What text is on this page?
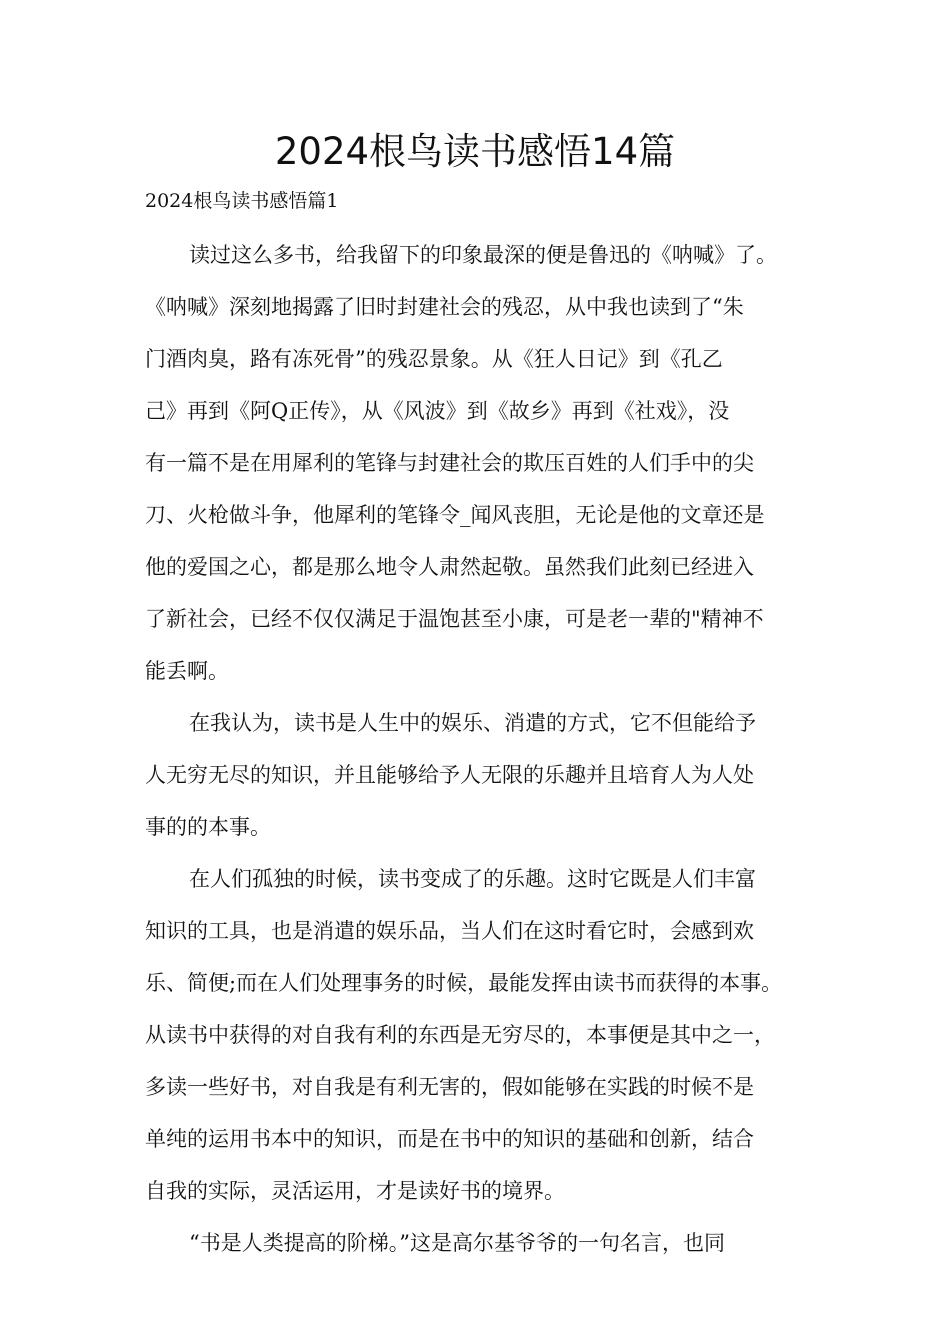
2024根鸟读书感悟14篇
2024根鸟读书感悟篇1
读过这么多书，给我留下的印象最深的便是鲁迅的《呐喊》了。
《呐喊》深刻地揭露了旧时封建社会的残忍，从中我也读到了“朱
门酒肉臭，路有冻死骨”的残忍景象。从《狂人日记》到《孔乙
己》再到《阿Q正传》，从《风波》到《故乡》再到《社戏》，没
有一篇不是在用犀利的笔锋与封建社会的欺压百姓的人们手中的尖
刀、火枪做斗争，他犀利的笔锋令_闻风丧胆，无论是他的文章还是
他的爱国之心，都是那么地令人肃然起敬。虽然我们此刻已经进入
了新社会，已经不仅仅满足于温饱甚至小康，可是老一辈的"精神不
能丢啊。
在我认为，读书是人生中的娱乐、消遣的方式，它不但能给予
人无穷无尽的知识，并且能够给予人无限的乐趣并且培育人为人处
事的的本事。
在人们孤独的时候，读书变成了的乐趣。这时它既是人们丰富
知识的工具，也是消遣的娱乐品，当人们在这时看它时，会感到欢
乐、简便;而在人们处理事务的时候，最能发挥由读书而获得的本事。
从读书中获得的对自我有利的东西是无穷尽的，本事便是其中之一，
多读一些好书，对自我是有利无害的，假如能够在实践的时候不是
单纯的运用书本中的知识，而是在书中的知识的基础和创新，结合
自我的实际，灵活运用，才是读好书的境界。
“书是人类提高的阶梯。”这是高尔基爷爷的一句名言，也同
